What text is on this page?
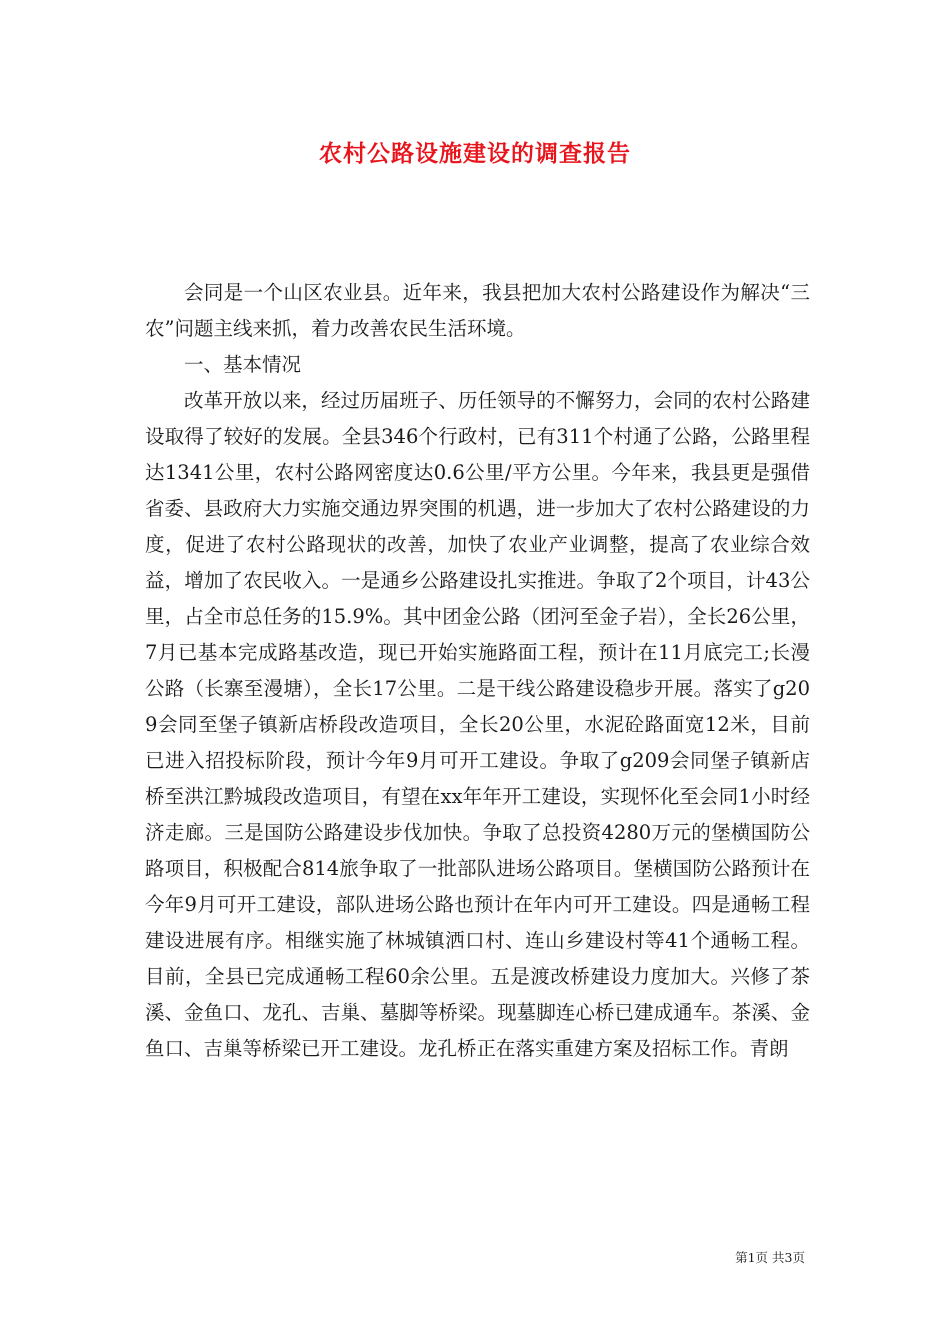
农村公路设施建设的调查报告

会同是一个山区农业县。近年来，我县把加大农村公路建设作为解决“三农”问题主线来抓，着力改善农民生活环境。

一、基本情况

改革开放以来，经过历届班子、历任领导的不懈努力，会同的农村公路建设取得了较好的发展。全县346个行政村，已有311个村通了公路，公路里程达1341公里，农村公路网密度达0.6公里/平方公里。今年来，我县更是强借省委、县政府大力实施交通边界突围的机遇，进一步加大了农村公路建设的力度，促进了农村公路现状的改善，加快了农业产业调整，提高了农业综合效益，增加了农民收入。一是通乡公路建设扎实推进。争取了2个项目，计43公里，占全市总任务的15.9%。其中团金公路（团河至金子岩），全长26公里，7月已基本完成路基改造，现已开始实施路面工程，预计在11月底完工;长漫公路（长寨至漫塘），全长17公里。二是干线公路建设稳步开展。落实了g209会同至堡子镇新店桥段改造项目，全长20公里，水泥砼路面宽12米，目前已进入招投标阶段，预计今年9月可开工建设。争取了g209会同堡子镇新店桥至洪江黔城段改造项目，有望在xx年年开工建设，实现怀化至会同1小时经济走廊。三是国防公路建设步伐加快。争取了总投资4280万元的堡横国防公路项目，积极配合814旅争取了一批部队进场公路项目。堡横国防公路预计在今年9月可开工建设，部队进场公路也预计在年内可开工建设。四是通畅工程建设进展有序。相继实施了林城镇洒口村、连山乡建设村等41个通畅工程。目前，全县已完成通畅工程60余公里。五是渡改桥建设力度加大。兴修了茶溪、金鱼口、龙孔、吉巢、墓脚等桥梁。现墓脚连心桥已建成通车。茶溪、金鱼口、吉巢等桥梁已开工建设。龙孔桥正在落实重建方案及招标工作。青朗

第1页 共3页
